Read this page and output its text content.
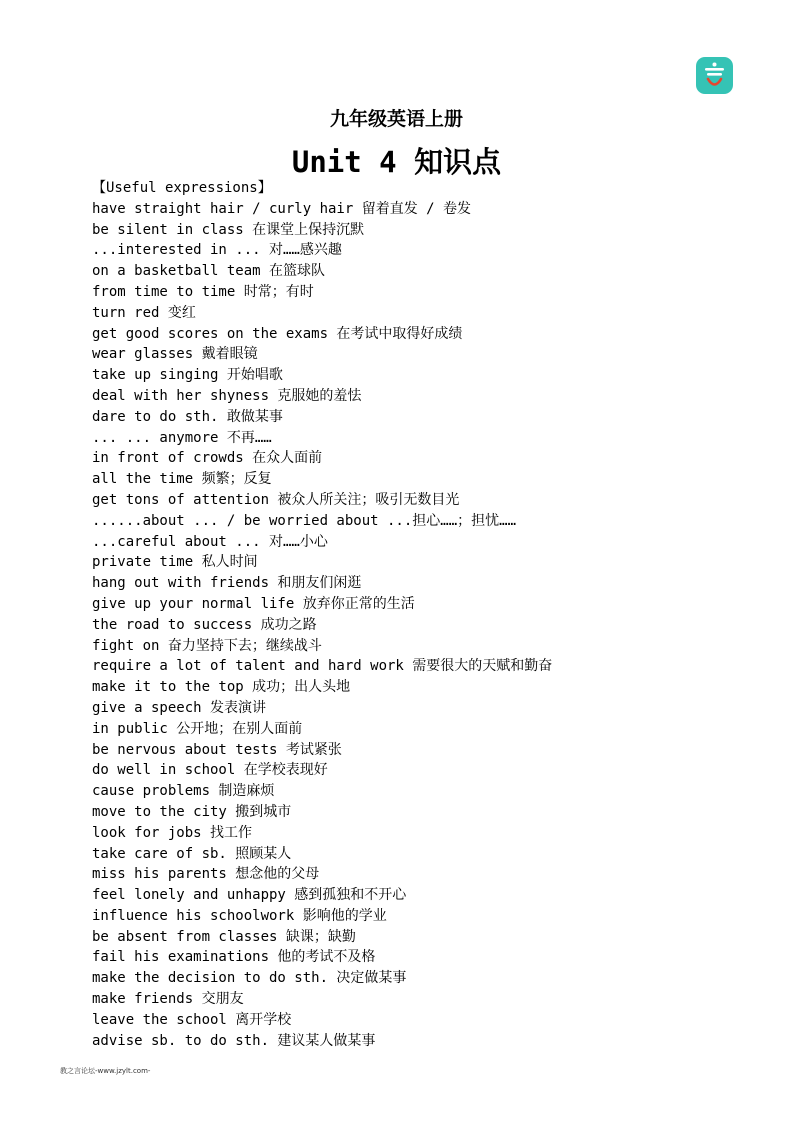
九年级英语上册
Unit 4 知识点
【Useful expressions】
have straight hair / curly hair 留着直发 / 卷发
be silent in class 在课堂上保持沉默
...interested in ... 对……感兴趣
on a basketball team 在篮球队
from time to time 时常；有时
turn red 变红
get good scores on the exams 在考试中取得好成绩
wear glasses 戴着眼镜
take up singing 开始唱歌
deal with her shyness 克服她的羞怯
dare to do sth. 敢做某事
... ... anymore 不再……
in front of crowds 在众人面前
all the time 频繁；反复
get tons of attention 被众人所关注；吸引无数目光
......about ... / be worried about ...担心……；担忧……
...careful about ... 对……小心
private time 私人时间
hang out with friends 和朋友们闲逛
give up your normal life 放弃你正常的生活
the road to success 成功之路
fight on 奋力坚持下去；继续战斗
require a lot of talent and hard work 需要很大的天赋和勤奋
make it to the top 成功；出人头地
give a speech 发表演讲
in public 公开地；在别人面前
be nervous about tests 考试紧张
do well in school 在学校表现好
cause problems 制造麻烦
move to the city 搬到城市
look for jobs 找工作
take care of sb. 照顾某人
miss his parents 想念他的父母
feel lonely and unhappy 感到孤独和不开心
influence his schoolwork 影响他的学业
be absent from classes 缺课；缺勤
fail his examinations 他的考试不及格
make the decision to do sth. 决定做某事
make friends 交朋友
leave the school 离开学校
advise sb. to do sth. 建议某人做某事
教之言论坛-www.jzylt.com-
